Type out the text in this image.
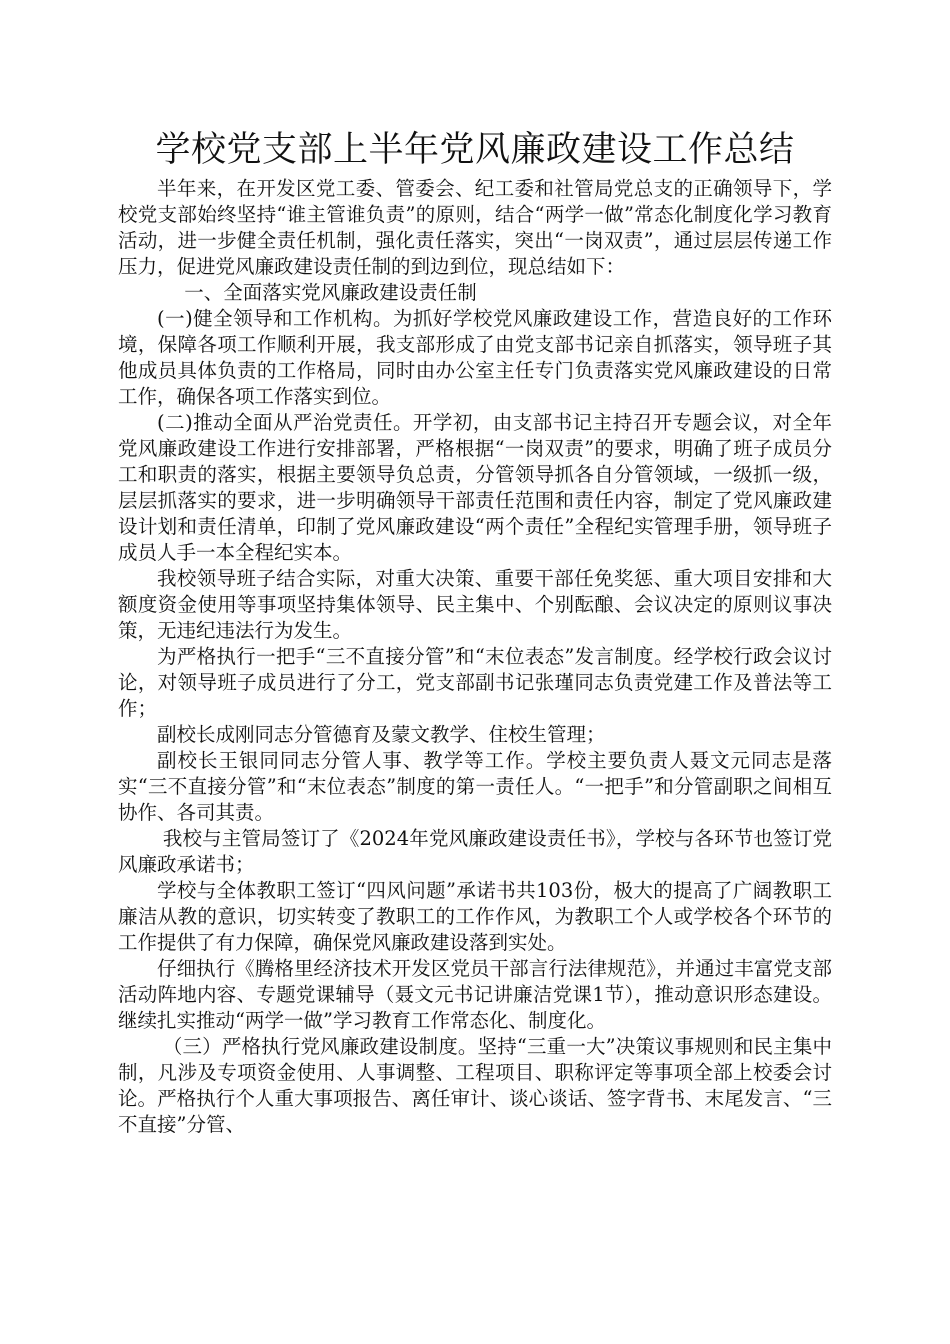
学校党支部上半年党风廉政建设工作总结

半年来，在开发区党工委、管委会、纪工委和社管局党总支的正确领导下，学校党支部始终坚持“谁主管谁负责”的原则，结合“两学一做”常态化制度化学习教育活动，进一步健全责任机制，强化责任落实，突出“一岗双责”，通过层层传递工作压力，促进党风廉政建设责任制的到边到位，现总结如下：

一、全面落实党风廉政建设责任制

(一)健全领导和工作机构。为抓好学校党风廉政建设工作，营造良好的工作环境，保障各项工作顺利开展，我支部形成了由党支部书记亲自抓落实，领导班子其他成员具体负责的工作格局，同时由办公室主任专门负责落实党风廉政建设的日常工作，确保各项工作落实到位。

(二)推动全面从严治党责任。开学初，由支部书记主持召开专题会议，对全年党风廉政建设工作进行安排部署，严格根据“一岗双责”的要求，明确了班子成员分工和职责的落实，根据主要领导负总责，分管领导抓各自分管领域，一级抓一级，层层抓落实的要求，进一步明确领导干部责任范围和责任内容，制定了党风廉政建设计划和责任清单，印制了党风廉政建设“两个责任”全程纪实管理手册，领导班子成员人手一本全程纪实本。

我校领导班子结合实际，对重大决策、重要干部任免奖惩、重大项目安排和大额度资金使用等事项坚持集体领导、民主集中、个别酝酿、会议决定的原则议事决策，无违纪违法行为发生。

为严格执行一把手“三不直接分管”和“末位表态”发言制度。经学校行政会议讨论，对领导班子成员进行了分工，党支部副书记张瑾同志负责党建工作及普法等工作；

副校长成刚同志分管德育及蒙文教学、住校生管理；

副校长王银同同志分管人事、教学等工作。学校主要负责人聂文元同志是落实“三不直接分管”和“末位表态”制度的第一责任人。“一把手”和分管副职之间相互协作、各司其责。

我校与主管局签订了《2024年党风廉政建设责任书》，学校与各环节也签订党风廉政承诺书；

学校与全体教职工签订“四风问题”承诺书共103份，极大的提高了广阔教职工廉洁从教的意识，切实转变了教职工的工作作风，为教职工个人或学校各个环节的工作提供了有力保障，确保党风廉政建设落到实处。

仔细执行《腾格里经济技术开发区党员干部言行法律规范》，并通过丰富党支部活动阵地内容、专题党课辅导（聂文元书记讲廉洁党课1节），推动意识形态建设。继续扎实推动“两学一做”学习教育工作常态化、制度化。

（三）严格执行党风廉政建设制度。坚持“三重一大”决策议事规则和民主集中制，凡涉及专项资金使用、人事调整、工程项目、职称评定等事项全部上校委会讨论。严格执行个人重大事项报告、离任审计、谈心谈话、签字背书、末尾发言、“三不直接”分管、
